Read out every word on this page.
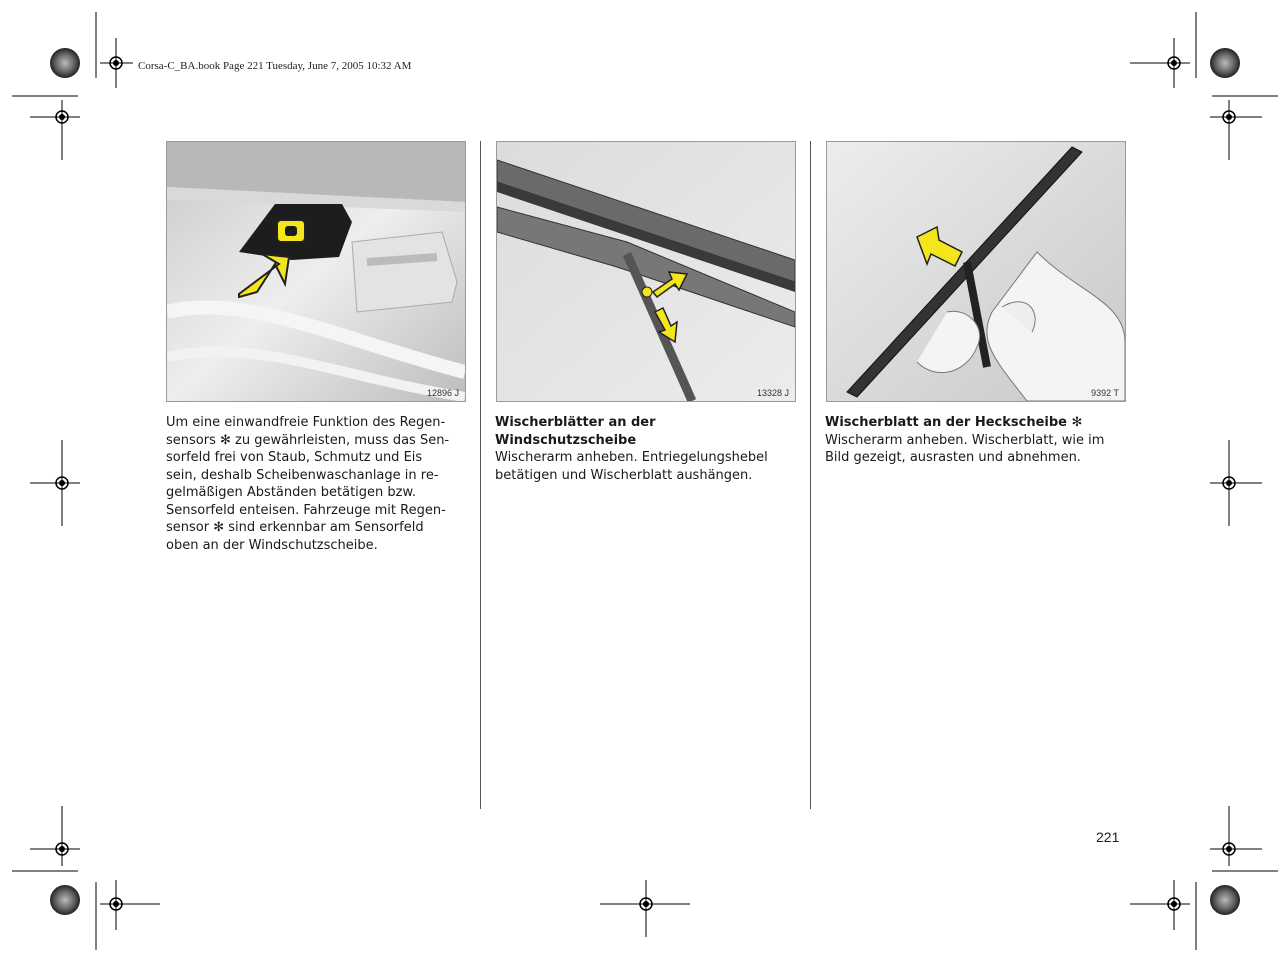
Corsa-C_BA.book Page 221 Tuesday, June 7, 2005 10:32 AM
12896 J	13328 J	9392 T
Um eine einwandfreie Funktion des Regen-
sensors ✻ zu gewährleisten, muss das Sen-
sorfeld frei von Staub, Schmutz und Eis
sein, deshalb Scheibenwaschanlage in re-
gelmäßigen Abständen betätigen bzw.
Sensorfeld enteisen. Fahrzeuge mit Regen-
sensor ✻ sind erkennbar am Sensorfeld
oben an der Windschutzscheibe.
Wischerblätter an der Windschutzscheibe
Wischerarm anheben. Entriegelungshebel
betätigen und Wischerblatt aushängen.
Wischerblatt an der Heckscheibe ✻
Wischerarm anheben. Wischerblatt, wie im
Bild gezeigt, ausrasten und abnehmen.
221
